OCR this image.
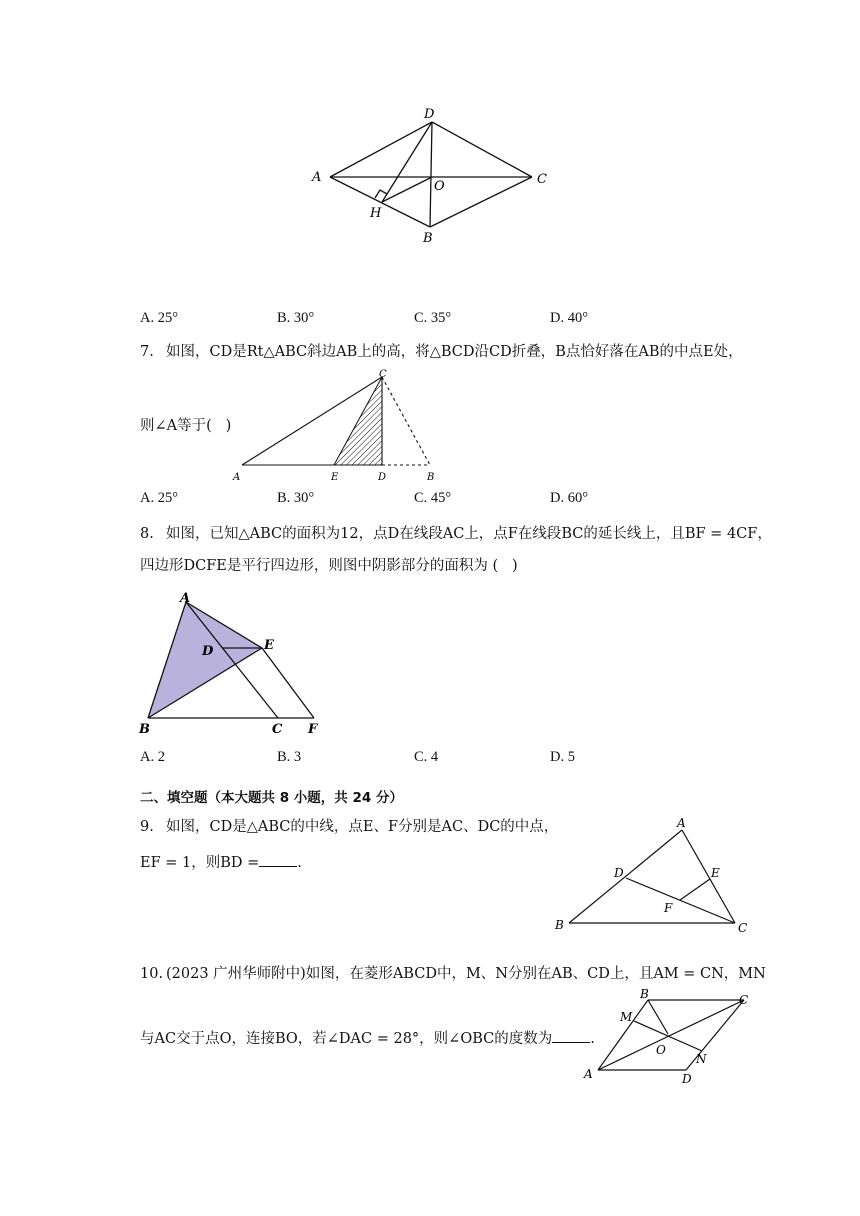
D
A
O	C
H
B
A. 25°	B. 30°	C. 35°	D. 40°
7. 如图，CD是Rt△ABC斜边AB上的高，将△BCD沿CD折叠，B点恰好落在AB的中点E处，
则∠A等于(   )
C
A	E	D	B
A. 25°	B. 30°	C. 45°	D. 60°
8. 如图，已知△ABC的面积为12，点D在线段AC上，点F在线段BC的延长线上，且BF = 4CF，
四边形DCFE是平行四边形，则图中阴影部分的面积为 (   )
A
D	E
B	C F
A. 2	B. 3	C. 4	D. 5
二、填空题（本大题共 8 小题，共 24 分）
9. 如图，CD是△ABC的中线，点E、F分别是AC、DC的中点，
EF = 1，则BD =	.
A
D	E
F
B	C
10. (2023 广州华师附中)如图，在菱形ABCD中，M、N分别在AB、CD上，且AM = CN，MN
与AC交于点O，连接BO，若∠DAC = 28°，则∠OBC的度数为	.
B	C
M
O
N
A	D
